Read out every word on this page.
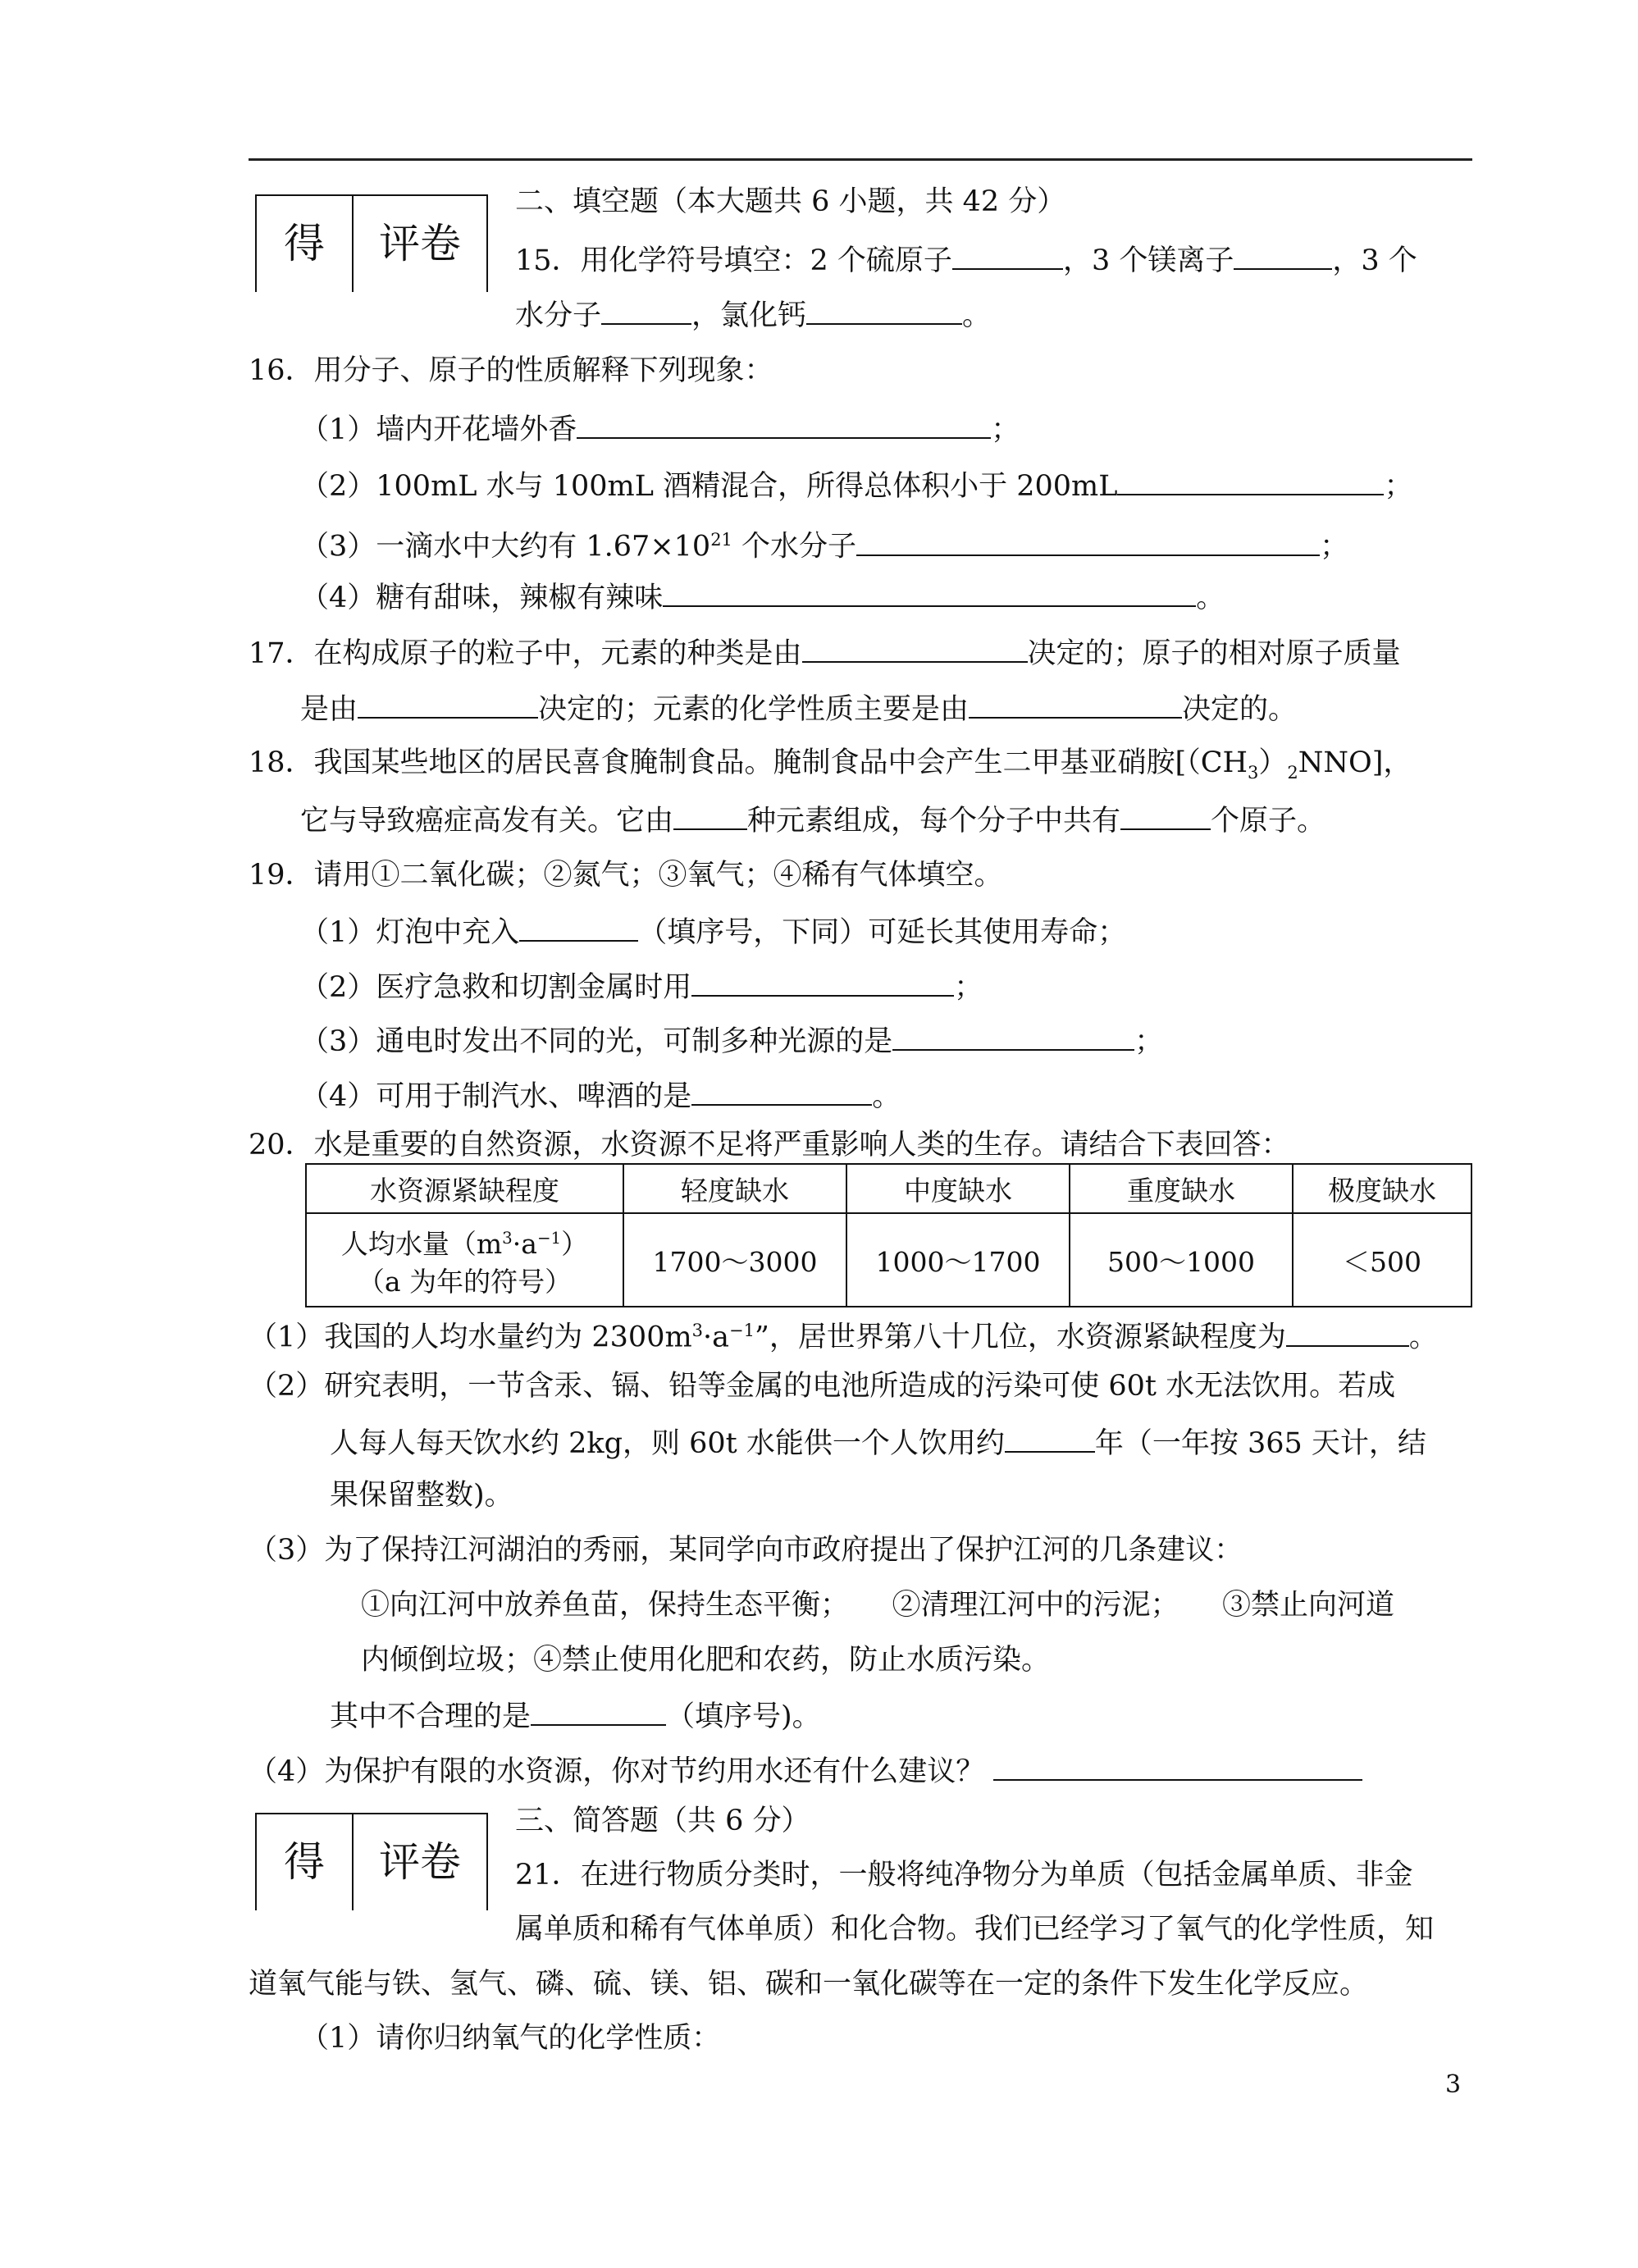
得	评卷
二、填空题（本大题共 6 小题，共 42 分）
15．用化学符号填空：2 个硫原子	，3 个镁离子	，3 个
水分子	，氯化钙	。
16．用分子、原子的性质解释下列现象：
（1）墙内开花墙外香	；
（2）100mL 水与 100mL 酒精混合，所得总体积小于 200mL	；
（3）一滴水中大约有 $1.67\times 10^{21}$ 个水分子	；
（4）糖有甜味，辣椒有辣味	。
17．在构成原子的粒子中，元素的种类是由	决定的；原子的相对原子质量
是由	决定的；元素的化学性质主要是由	决定的。
18．我国某些地区的居民喜食腌制食品。腌制食品中会产生二甲基亚硝胺$[(CH_3)_2NNO]$，
它与导致癌症高发有关。它由	种元素组成，每个分子中共有	个原子。
19．请用①二氧化碳；②氮气；③氧气；④稀有气体填空。
（1）灯泡中充入	（填序号，下同）可延长其使用寿命；
（2）医疗急救和切割金属时用	；
（3）通电时发出不同的光，可制多种光源的是	；
（4）可用于制汽水、啤酒的是	。
20．水是重要的自然资源，水资源不足将严重影响人类的生存。请结合下表回答：
水资源紧缺程度	轻度缺水	中度缺水	重度缺水	极度缺水
人均水量$(m^3\cdot a^{-1})$
（a 为年的符号）	1700～3000	1000～1700	500～1000	＜500
（1）我国的人均水量约为 $2300m^3\cdot a^{-1}$”，居世界第八十几位，水资源紧缺程度为	。
（2）研究表明，一节含汞、镉、铅等金属的电池所造成的污染可使 60t 水无法饮用。若成
人每人每天饮水约 2kg，则 60t 水能供一个人饮用约	年（一年按 365 天计，结
果保留整数)。
（3）为了保持江河湖泊的秀丽，某同学向市政府提出了保护江河的几条建议：
①向江河中放养鱼苗，保持生态平衡；　　②清理江河中的污泥；　　③禁止向河道
内倾倒垃圾；④禁止使用化肥和农药，防止水质污染。
其中不合理的是	（填序号)。
（4）为保护有限的水资源，你对节约用水还有什么建议？
得	评卷
三、简答题（共 6 分）
21．在进行物质分类时，一般将纯净物分为单质（包括金属单质、非金
属单质和稀有气体单质）和化合物。我们已经学习了氧气的化学性质，知
道氧气能与铁、氢气、磷、硫、镁、铝、碳和一氧化碳等在一定的条件下发生化学反应。
（1）请你归纳氧气的化学性质：
3
